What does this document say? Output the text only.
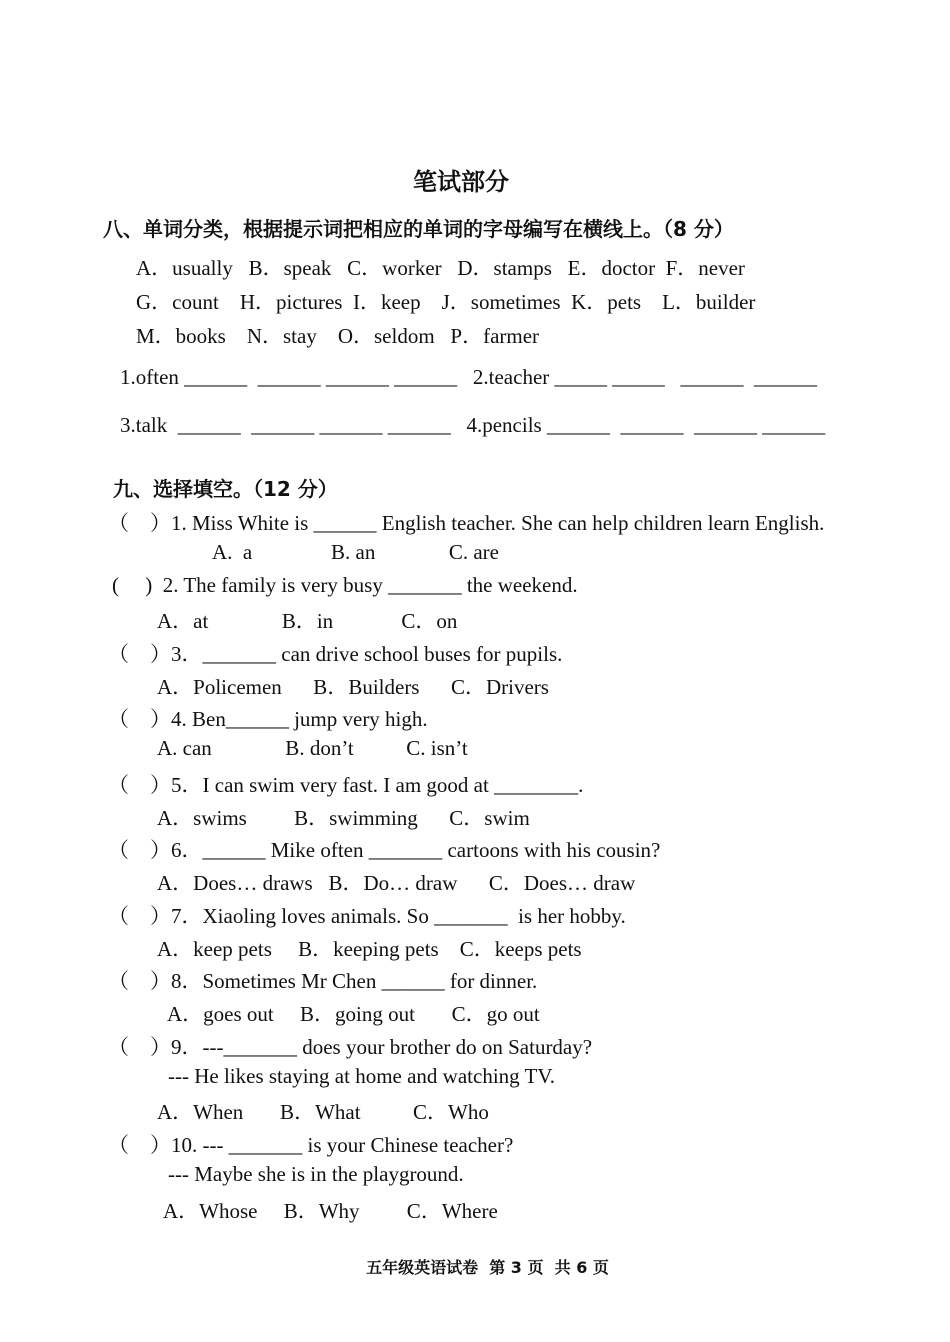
笔试部分
八、单词分类，根据提示词把相应的单词的字母编写在横线上。（8 分）
A．usually   B．speak   C．worker   D．stamps   E．doctor  F．never
G．count    H．pictures  I．keep    J．sometimes  K．pets    L．builder
M．books    N．stay    O．seldom   P．farmer
1.often ______  ______ ______ ______   2.teacher _____ _____   ______  ______
3.talk  ______  ______ ______ ______   4.pencils ______  ______  ______ ______
九、选择填空。（12 分）
（    ）1. Miss White is ______ English teacher. She can help children learn English.
A.  a               B. an              C. are
(     )  2. The family is very busy _______ the weekend.
A．at              B．in             C．on
（    ）3．_______ can drive school buses for pupils.
A．Policemen      B．Builders      C．Drivers
（    ）4. Ben______ jump very high.
A. can              B. don’t          C. isn’t
（    ）5．I can swim very fast. I am good at ________.
A．swims         B．swimming      C．swim
（    ）6．______ Mike often _______ cartoons with his cousin?
A．Does… draws   B．Do… draw      C．Does… draw
（    ）7．Xiaoling loves animals. So _______  is her hobby.
A．keep pets     B．keeping pets    C．keeps pets
（    ）8．Sometimes Mr Chen ______ for dinner.
A．goes out     B．going out       C．go out
（    ）9．---_______ does your brother do on Saturday?
--- He likes staying at home and watching TV.
A．When       B．What          C．Who
（    ）10. --- _______ is your Chinese teacher?
--- Maybe she is in the playground.
A．Whose     B．Why         C．Where
五年级英语试卷  第 3 页  共 6 页
